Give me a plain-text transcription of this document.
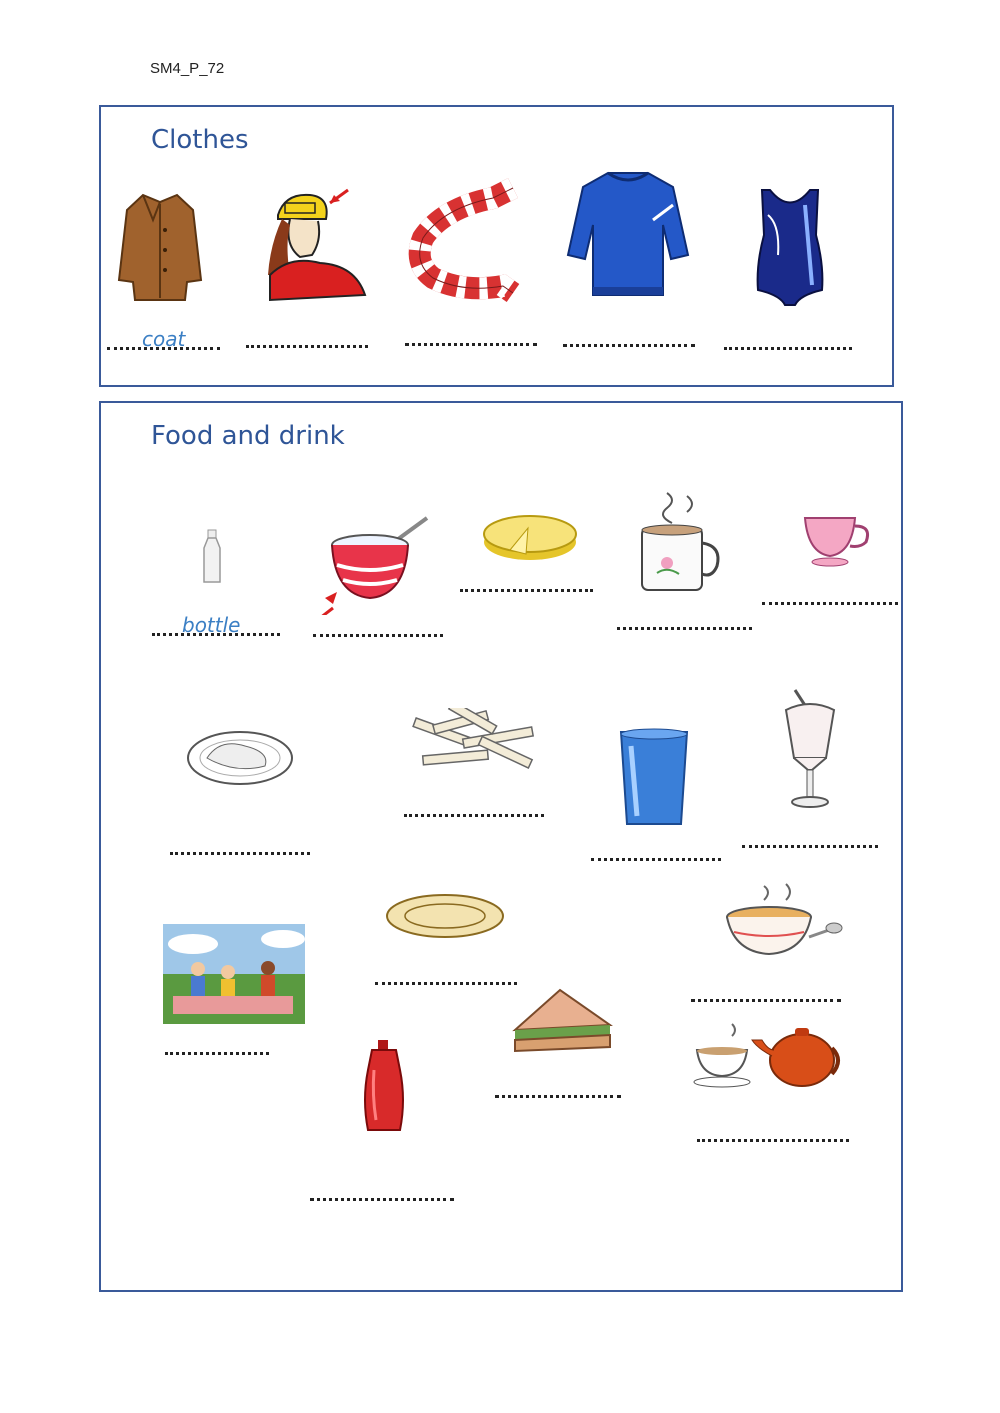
SM4_P_72
Clothes
coat
Food and drink
bottle
